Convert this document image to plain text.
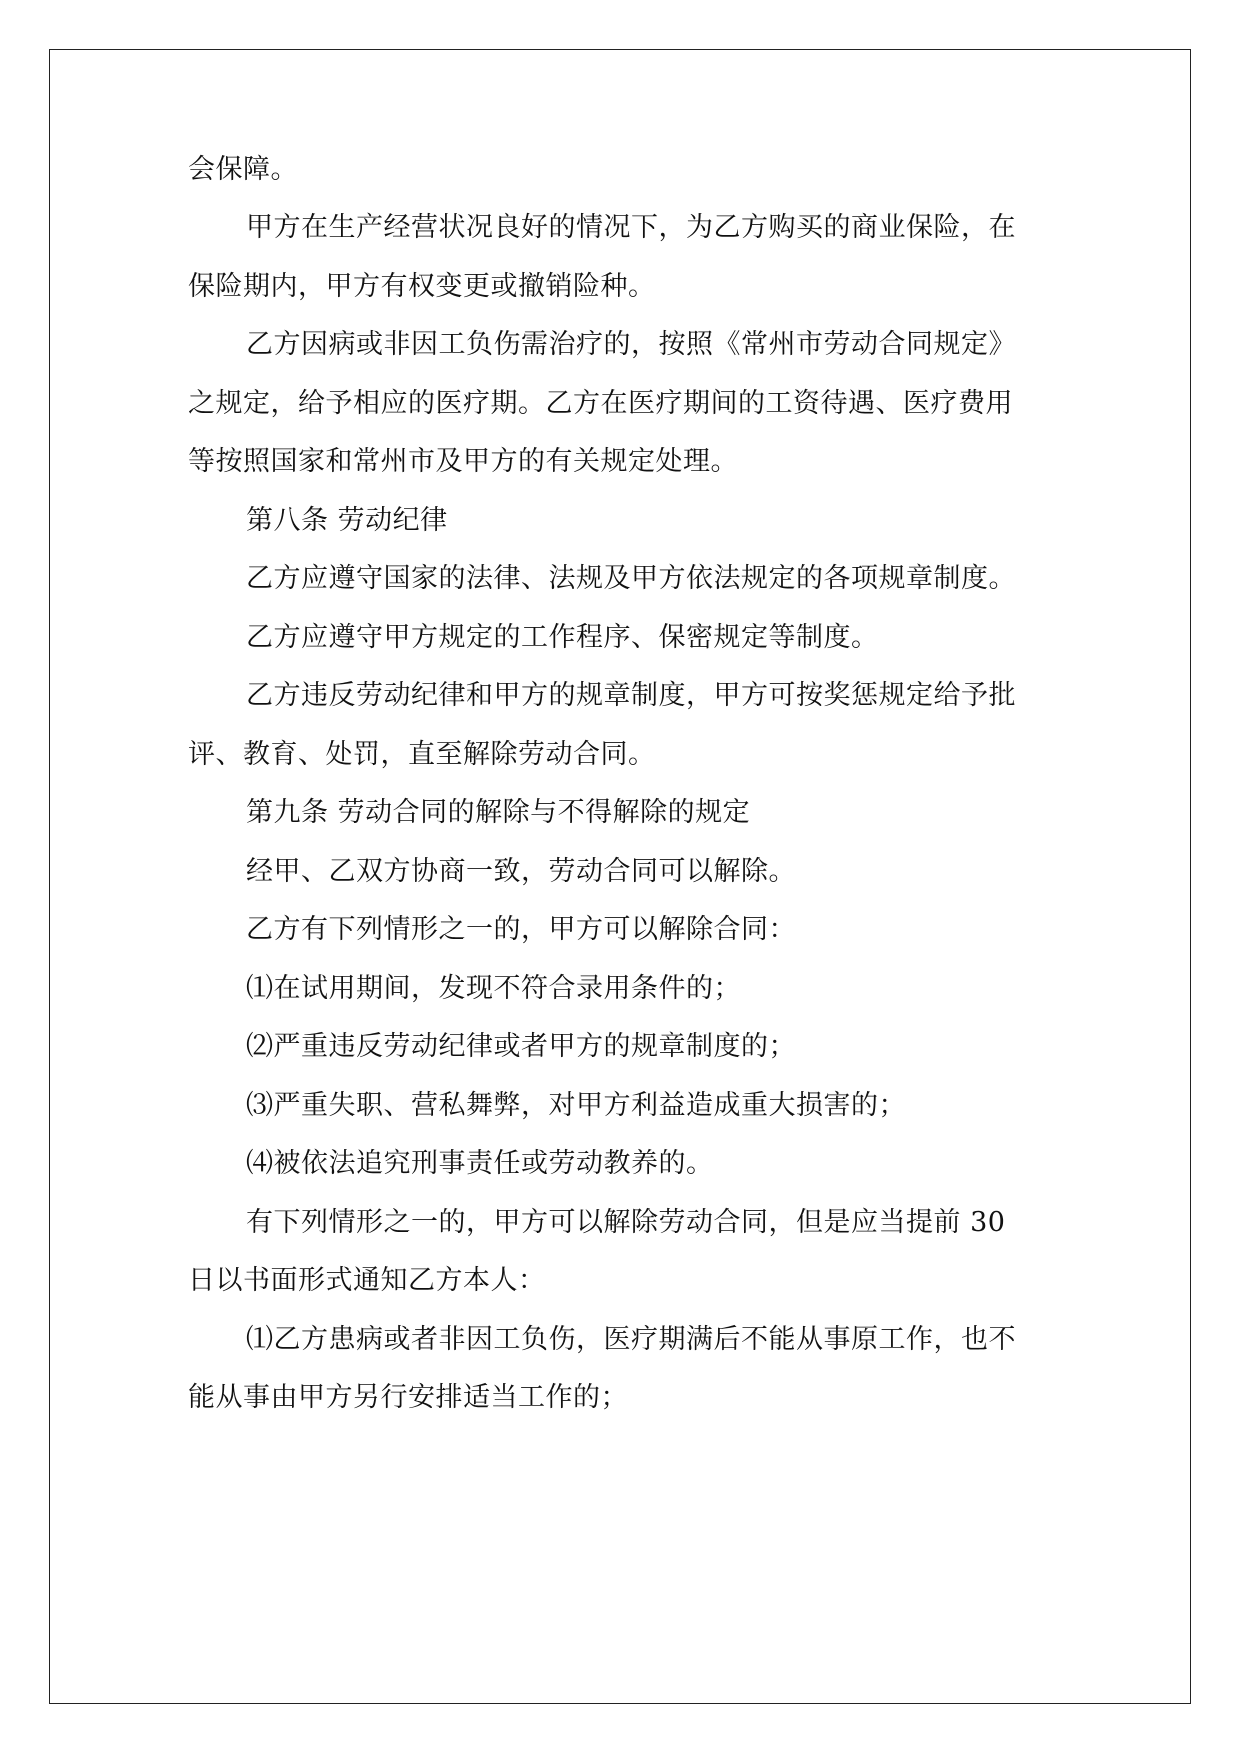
会保障。
甲方在生产经营状况良好的情况下，为乙方购买的商业保险，在
保险期内，甲方有权变更或撤销险种。
乙方因病或非因工负伤需治疗的，按照《常州市劳动合同规定》
之规定，给予相应的医疗期。乙方在医疗期间的工资待遇、医疗费用
等按照国家和常州市及甲方的有关规定处理。
第八条 劳动纪律
乙方应遵守国家的法律、法规及甲方依法规定的各项规章制度。
乙方应遵守甲方规定的工作程序、保密规定等制度。
乙方违反劳动纪律和甲方的规章制度，甲方可按奖惩规定给予批
评、教育、处罚，直至解除劳动合同。
第九条 劳动合同的解除与不得解除的规定
经甲、乙双方协商一致，劳动合同可以解除。
乙方有下列情形之一的，甲方可以解除合同：
⑴在试用期间，发现不符合录用条件的；
⑵严重违反劳动纪律或者甲方的规章制度的；
⑶严重失职、营私舞弊，对甲方利益造成重大损害的；
⑷被依法追究刑事责任或劳动教养的。
有下列情形之一的，甲方可以解除劳动合同，但是应当提前 30
日以书面形式通知乙方本人：
⑴乙方患病或者非因工负伤，医疗期满后不能从事原工作，也不
能从事由甲方另行安排适当工作的；
